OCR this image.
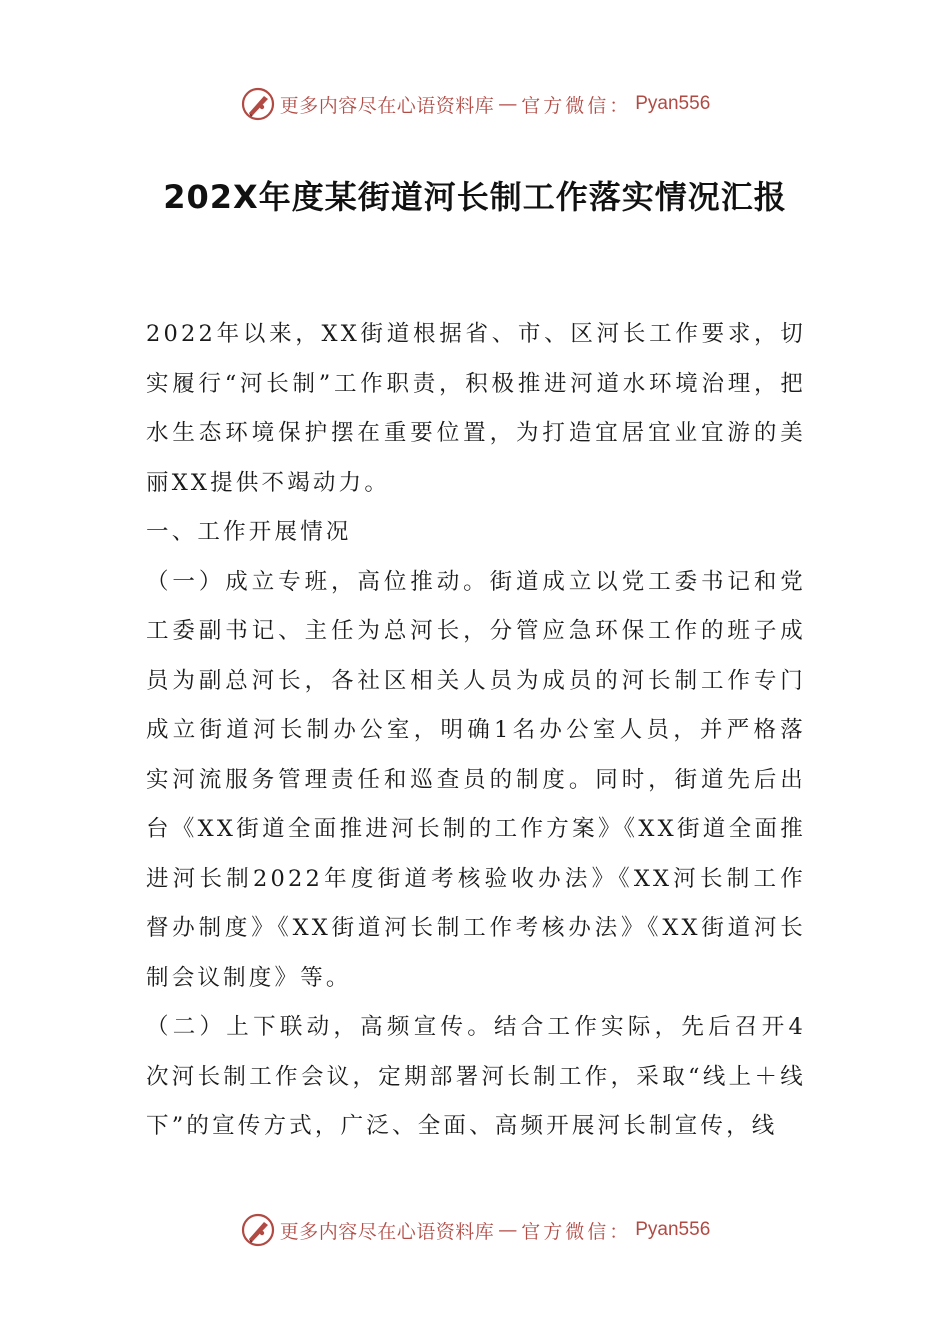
更多内容尽在心语资料库 — 官方微信： Pyan556
202X年度某街道河长制工作落实情况汇报

2022年以来，XX街道根据省、市、区河长工作要求，切实履行“河长制”工作职责，积极推进河道水环境治理，把水生态环境保护摆在重要位置，为打造宜居宜业宜游的美丽XX提供不竭动力。

一、工作开展情况

（一）成立专班，高位推动。街道成立以党工委书记和党工委副书记、主任为总河长，分管应急环保工作的班子成员为副总河长，各社区相关人员为成员的河长制工作专门成立街道河长制办公室，明确1名办公室人员，并严格落实河流服务管理责任和巡查员的制度。同时，街道先后出台《XX街道全面推进河长制的工作方案》《XX街道全面推进河长制2022年度街道考核验收办法》《XX河长制工作督办制度》《XX街道河长制工作考核办法》《XX街道河长制会议制度》等。

（二）上下联动，高频宣传。结合工作实际，先后召开4次河长制工作会议，定期部署河长制工作，采取“线上＋线下”的宣传方式，广泛、全面、高频开展河长制宣传，线

更多内容尽在心语资料库 — 官方微信： Pyan556
